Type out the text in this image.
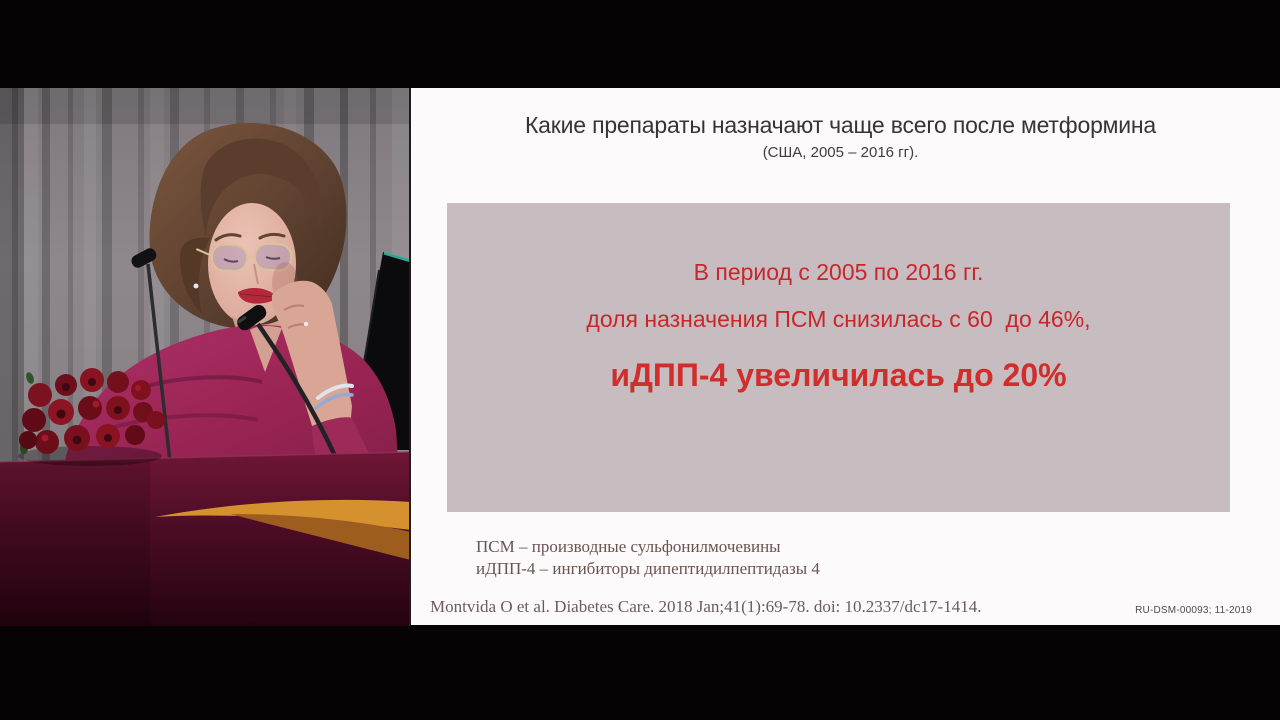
Какие препараты назначают чаще всего после метформина
(США, 2005 – 2016 гг).
В период с 2005 по 2016 гг.
доля назначения ПСМ снизилась с 60  до 46%,
иДПП-4 увеличилась до 20%
ПСМ – производные сульфонилмочевины
иДПП-4 – ингибиторы дипептидилпептидазы 4
Montvida O et al. Diabetes Care. 2018 Jan;41(1):69-78. doi: 10.2337/dc17-1414.	RU-DSM-00093; 11-2019
